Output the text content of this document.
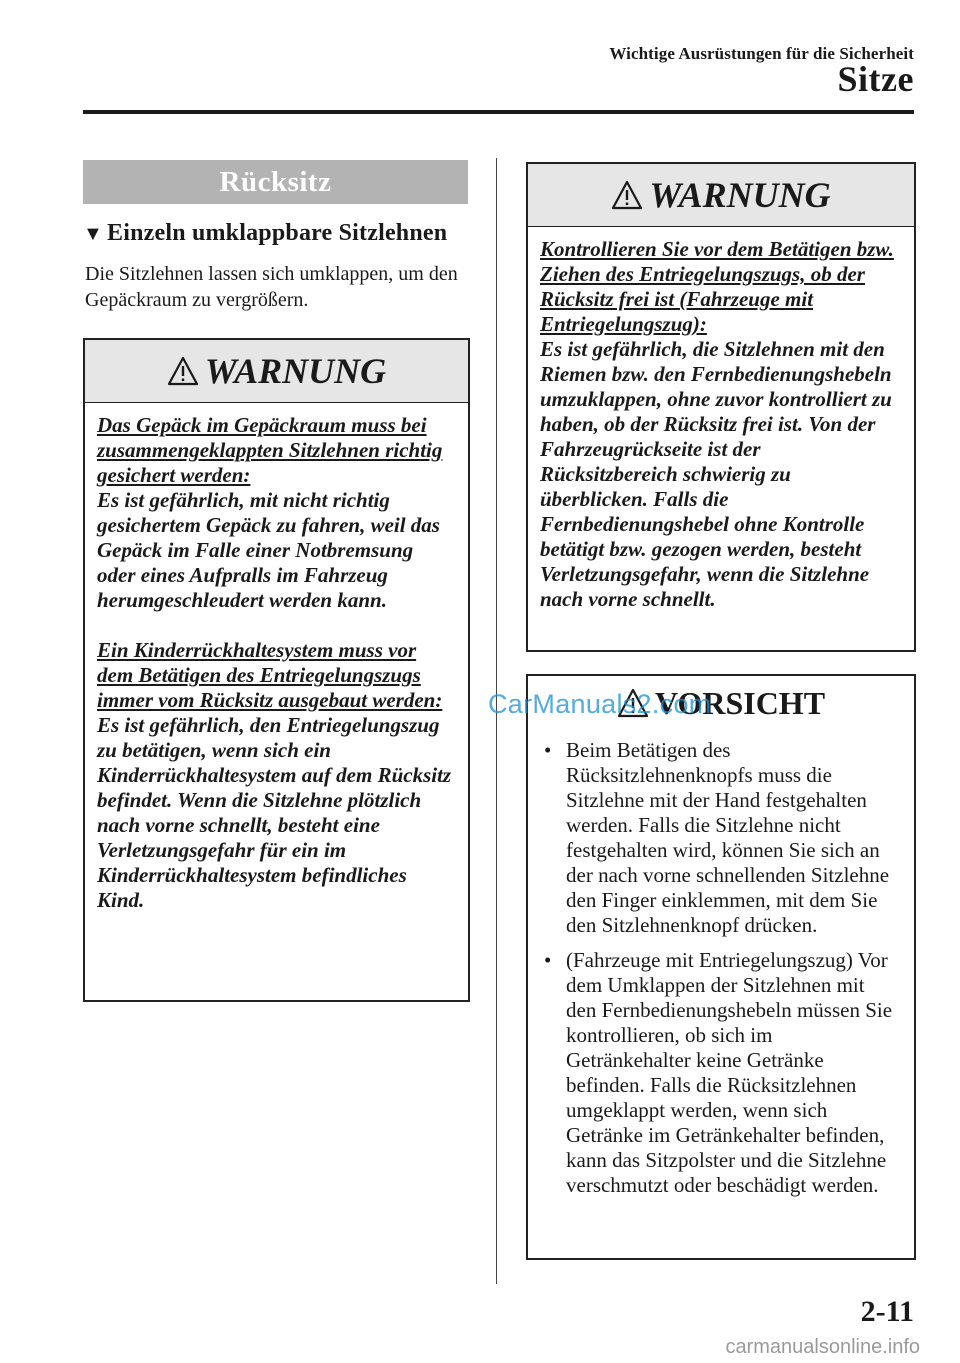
Wichtige Ausrüstungen für die Sicherheit
Sitze
Rücksitz
▼ Einzeln umklappbare Sitzlehnen
Die Sitzlehnen lassen sich umklappen, um den Gepäckraum zu vergrößern.
WARNUNG

Das Gepäck im Gepäckraum muss bei zusammengeklappten Sitzlehnen richtig gesichert werden:

Es ist gefährlich, mit nicht richtig gesichertem Gepäck zu fahren, weil das Gepäck im Falle einer Notbremsung oder eines Aufpralls im Fahrzeug herumgeschleudert werden kann.

Ein Kinderrückhaltesystem muss vor dem Betätigen des Entriegelungszugs immer vom Rücksitz ausgebaut werden:

Es ist gefährlich, den Entriegelungszug zu betätigen, wenn sich ein Kinderrückhaltesystem auf dem Rücksitz befindet. Wenn die Sitzlehne plötzlich nach vorne schnellt, besteht eine Verletzungsgefahr für ein im Kinderrückhaltesystem befindliches Kind.

WARNUNG

Kontrollieren Sie vor dem Betätigen bzw. Ziehen des Entriegelungszugs, ob der Rücksitz frei ist (Fahrzeuge mit Entriegelungszug):

Es ist gefährlich, die Sitzlehnen mit den Riemen bzw. den Fernbedienungshebeln umzuklappen, ohne zuvor kontrolliert zu haben, ob der Rücksitz frei ist. Von der Fahrzeugrückseite ist der Rücksitzbereich schwierig zu überblicken. Falls die Fernbedienungshebel ohne Kontrolle betätigt bzw. gezogen werden, besteht Verletzungsgefahr, wenn die Sitzlehne nach vorne schnellt.

VORSICHT
• Beim Betätigen des Rücksitzlehnenknopfs muss die Sitzlehne mit der Hand festgehalten werden. Falls die Sitzlehne nicht festgehalten wird, können Sie sich an der nach vorne schnellenden Sitzlehne den Finger einklemmen, mit dem Sie den Sitzlehnenknopf drücken.
• (Fahrzeuge mit Entriegelungszug) Vor dem Umklappen der Sitzlehnen mit den Fernbedienungshebeln müssen Sie kontrollieren, ob sich im Getränkehalter keine Getränke befinden. Falls die Rücksitzlehnen umgeklappt werden, wenn sich Getränke im Getränkehalter befinden, kann das Sitzpolster und die Sitzlehne verschmutzt oder beschädigt werden.
CarManuals2.com
2-11
carmanualsonline.info
